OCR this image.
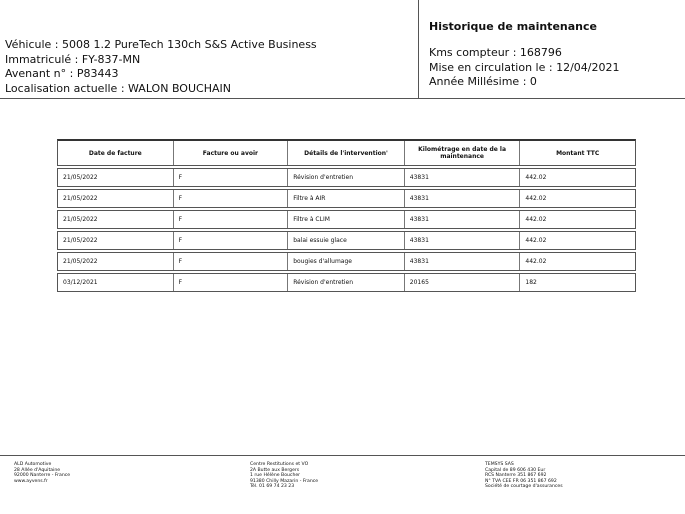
Véhicule : 5008 1.2 PureTech 130ch S&S Active Business
Immatriculé : FY-837-MN
Avenant n° : P83443
Localisation actuelle : WALON BOUCHAIN
Historique de maintenance
Kms compteur : 168796
Mise en circulation le : 12/04/2021
Année Millésime : 0
Date de facture	Facture ou avoir	Détails de l'intervention'	Kilométrage en date de la maintenance	Montant TTC
21/05/2022	F	Révision d'entretien	43831	442.02
21/05/2022	F	Filtre à AIR	43831	442.02
21/05/2022	F	Filtre à CLIM	43831	442.02
21/05/2022	F	balai essuie glace	43831	442.02
21/05/2022	F	bougies d'allumage	43831	442.02
03/12/2021	F	Révision d'entretien	20165	182
ALD Automotive
28 Allée d'Aquitaine
92000 Nanterre - France
www.ayvens.fr
Centre Restitutions et VO
2A Butte aux Bergers
1 rue Hélène Boucher
91380 Chilly Mazarin - France
Tél. 01 69 74 23 23
TEMSYS SAS
Capital de 89 606 430 Eur
RCS Nanterre 351 867 692
N° TVA CEE FR 06 351 867 692
Société de courtage d'assurances
